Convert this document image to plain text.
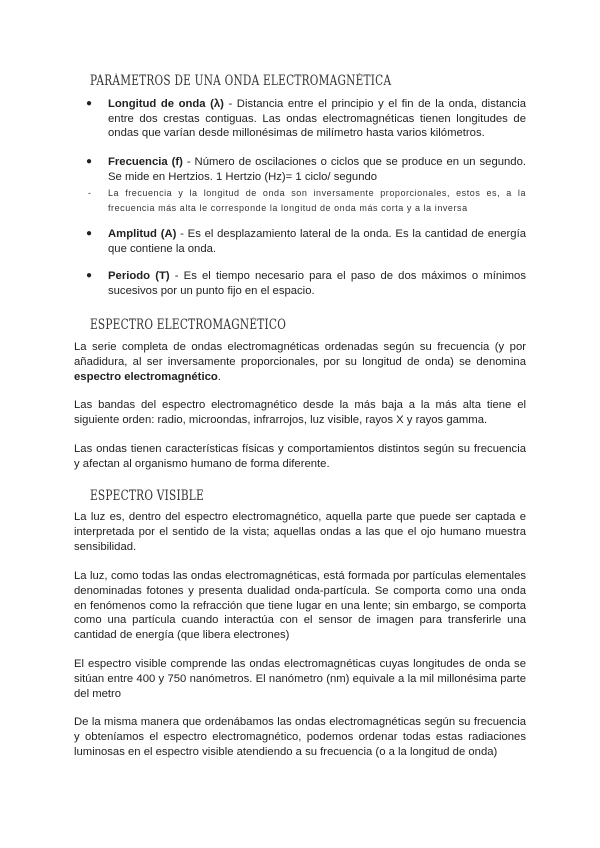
PARÁMETROS DE UNA ONDA ELECTROMAGNÉTICA
● Longitud de onda (λ) - Distancia entre el principio y el fin de la onda, distancia entre dos crestas contiguas. Las ondas electromagnéticas tienen longitudes de ondas que varían desde millonésimas de milímetro hasta varios kilómetros.
● Frecuencia (f) - Número de oscilaciones o ciclos que se produce en un segundo. Se mide en Hertzios. 1 Hertzio (Hz)= 1 ciclo/ segundo
-	La frecuencia y la longitud de onda son inversamente proporcionales, estos es, a la frecuencia más alta le corresponde la longitud de onda más corta y a la inversa
● Amplitud (A) - Es el desplazamiento lateral de la onda. Es la cantidad de energía que contiene la onda.
● Periodo (T) - Es el tiempo necesario para el paso de dos máximos o mínimos sucesivos por un punto fijo en el espacio.
ESPECTRO ELECTROMAGNÉTICO

La serie completa de ondas electromagnéticas ordenadas según su frecuencia (y por añadidura, al ser inversamente proporcionales, por su longitud de onda) se denomina espectro electromagnético.

Las bandas del espectro electromagnético desde la más baja a la más alta tiene el siguiente orden: radio, microondas, infrarrojos, luz visible, rayos X y rayos gamma.

Las ondas tienen características físicas y comportamientos distintos según su frecuencia y afectan al organismo humano de forma diferente.

ESPECTRO VISIBLE

La luz es, dentro del espectro electromagnético, aquella parte que puede ser captada e interpretada por el sentido de la vista; aquellas ondas a las que el ojo humano muestra sensibilidad.

La luz, como todas las ondas electromagnéticas, está formada por partículas elementales denominadas fotones y presenta dualidad onda-partícula. Se comporta como una onda en fenómenos como la refracción que tiene lugar en una lente; sin embargo, se comporta como una partícula cuando interactúa con el sensor de imagen para transferirle una cantidad de energía (que libera electrones)

El espectro visible comprende las ondas electromagnéticas cuyas longitudes de onda se sitúan entre 400 y 750 nanómetros. El nanómetro (nm) equivale a la mil millonésima parte del metro

De la misma manera que ordenábamos las ondas electromagnéticas según su frecuencia y obteníamos el espectro electromagnético, podemos ordenar todas estas radiaciones luminosas en el espectro visible atendiendo a su frecuencia (o a la longitud de onda)
